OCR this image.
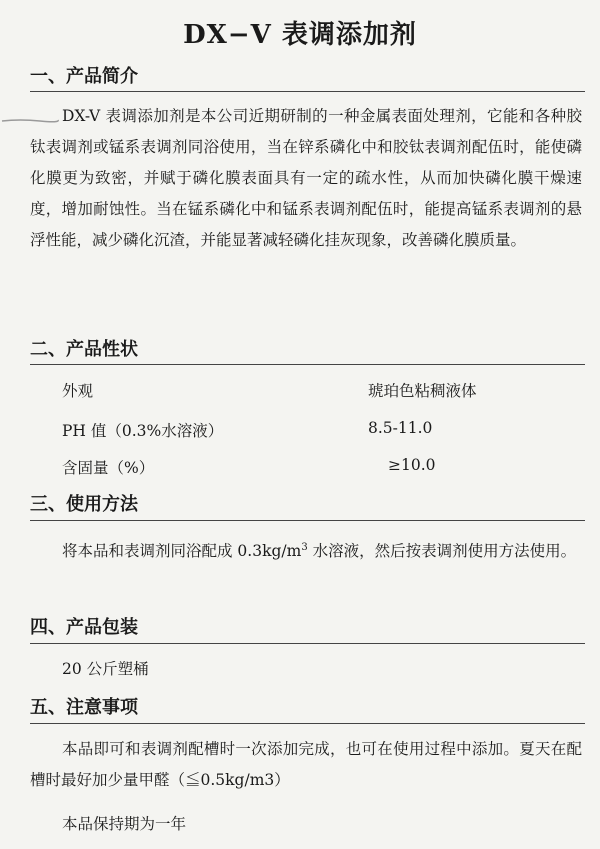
DX−V 表调添加剂
一、产品简介
DX-V 表调添加剂是本公司近期研制的一种金属表面处理剂，它能和各种胶钛表调剂或锰系表调剂同浴使用，当在锌系磷化中和胶钛表调剂配伍时，能使磷化膜更为致密，并赋于磷化膜表面具有一定的疏水性，从而加快磷化膜干燥速度，增加耐蚀性。当在锰系磷化中和锰系表调剂配伍时，能提高锰系表调剂的悬浮性能，减少磷化沉渣，并能显著减轻磷化挂灰现象，改善磷化膜质量。
二、产品性状
外观	琥珀色粘稠液体
PH 值（0.3%水溶液）	8.5-11.0
含固量（%）	≥10.0
三、使用方法
将本品和表调剂同浴配成 $0.3kg/m^3$ 水溶液，然后按表调剂使用方法使用。
四、产品包装
20 公斤塑桶
五、注意事项
本品即可和表调剂配槽时一次添加完成，也可在使用过程中添加。夏天在配槽时最好加少量甲醛（≦0.5kg/m3）
本品保持期为一年
